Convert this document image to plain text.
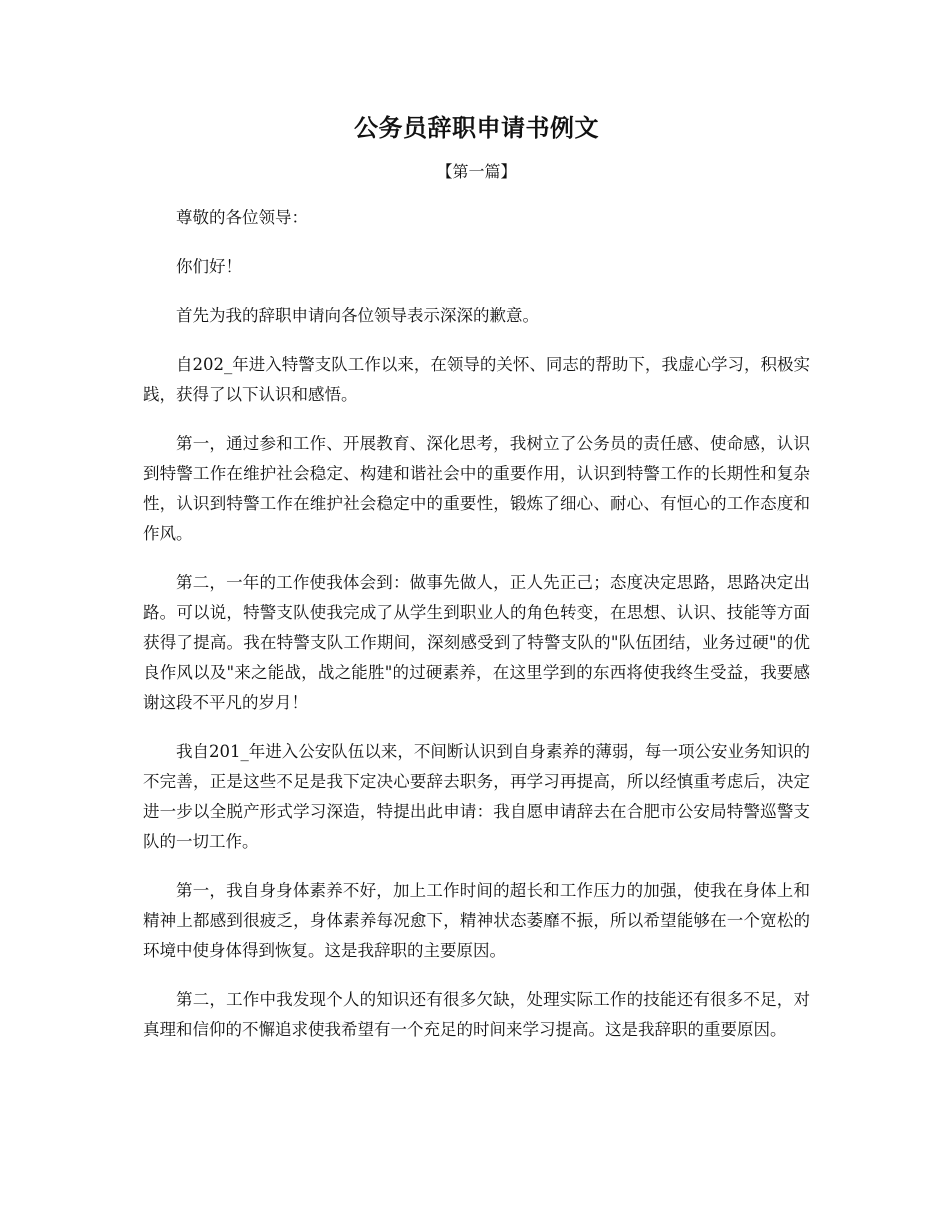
公务员辞职申请书例文
【第一篇】

尊敬的各位领导：

你们好！

首先为我的辞职申请向各位领导表示深深的歉意。

自202_年进入特警支队工作以来，在领导的关怀、同志的帮助下，我虚心学习，积极实践，获得了以下认识和感悟。

第一，通过参和工作、开展教育、深化思考，我树立了公务员的责任感、使命感，认识到特警工作在维护社会稳定、构建和谐社会中的重要作用，认识到特警工作的长期性和复杂性，认识到特警工作在维护社会稳定中的重要性，锻炼了细心、耐心、有恒心的工作态度和作风。

第二，一年的工作使我体会到：做事先做人，正人先正己；态度决定思路，思路决定出路。可以说，特警支队使我完成了从学生到职业人的角色转变，在思想、认识、技能等方面获得了提高。我在特警支队工作期间，深刻感受到了特警支队的"队伍团结，业务过硬"的优良作风以及"来之能战，战之能胜"的过硬素养，在这里学到的东西将使我终生受益，我要感谢这段不平凡的岁月！

我自201_年进入公安队伍以来，不间断认识到自身素养的薄弱，每一项公安业务知识的不完善，正是这些不足是我下定决心要辞去职务，再学习再提高，所以经慎重考虑后，决定进一步以全脱产形式学习深造，特提出此申请：我自愿申请辞去在合肥市公安局特警巡警支队的一切工作。

第一，我自身身体素养不好，加上工作时间的超长和工作压力的加强，使我在身体上和精神上都感到很疲乏，身体素养每况愈下，精神状态萎靡不振，所以希望能够在一个宽松的环境中使身体得到恢复。这是我辞职的主要原因。

第二，工作中我发现个人的知识还有很多欠缺，处理实际工作的技能还有很多不足，对真理和信仰的不懈追求使我希望有一个充足的时间来学习提高。这是我辞职的重要原因。
